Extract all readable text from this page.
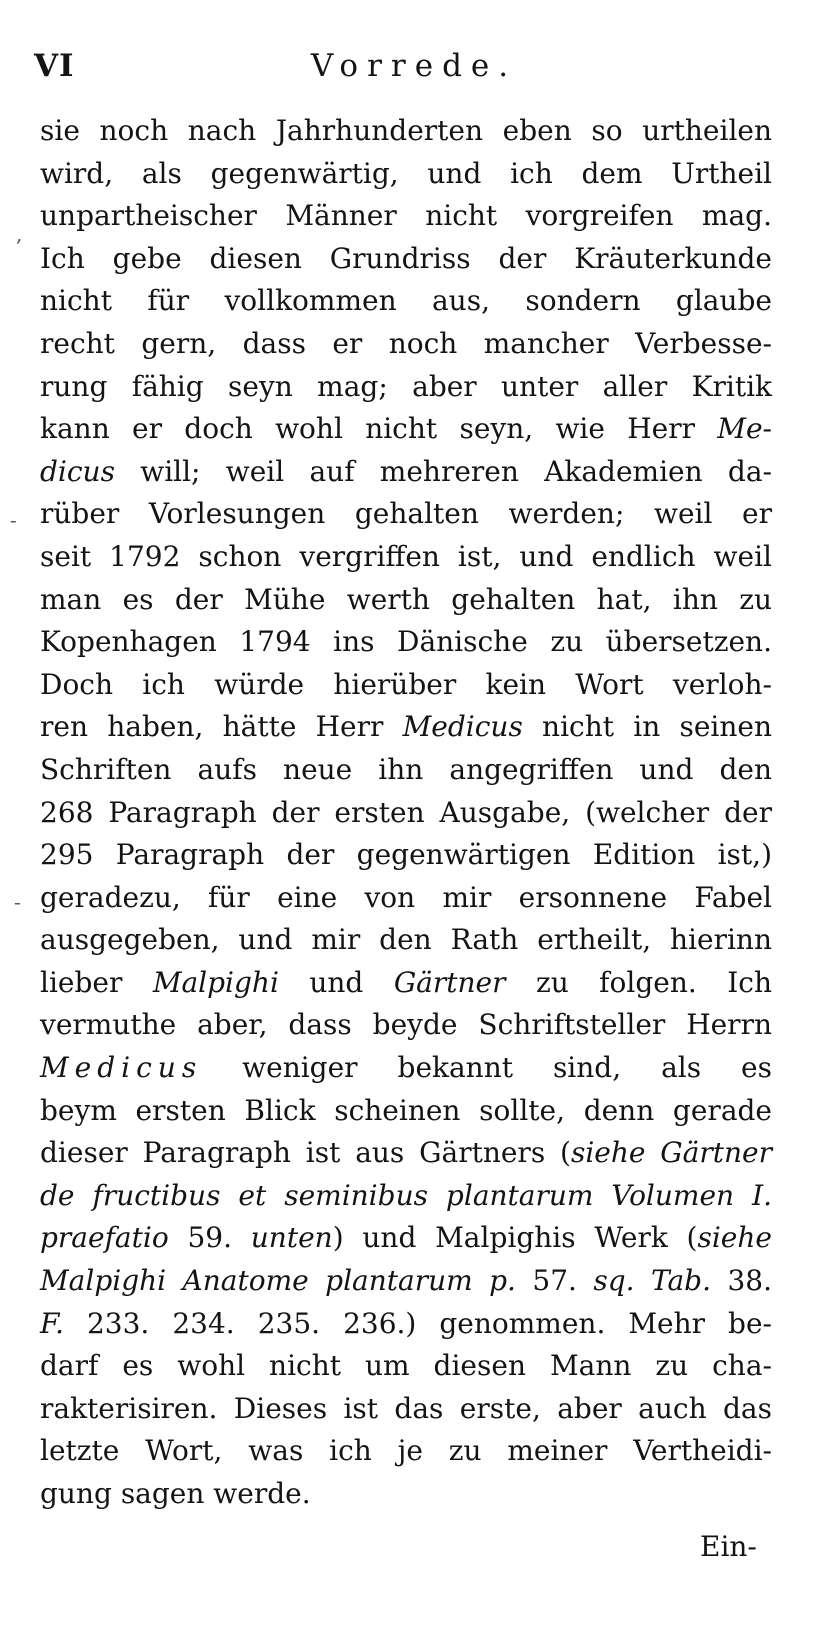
VI	Vorrede.
sie noch nach Jahrhunderten eben so urtheilen
wird, als gegenwärtig, und ich dem Urtheil
unpartheischer Männer nicht vorgreifen mag.
Ich gebe diesen Grundriss der Kräuterkunde
nicht für vollkommen aus, sondern glaube
recht gern, dass er noch mancher Verbesse-
rung fähig seyn mag; aber unter aller Kritik
kann er doch wohl nicht seyn, wie Herr Me-
dicus will; weil auf mehreren Akademien da-
rüber Vorlesungen gehalten werden; weil er
seit 1792 schon vergriffen ist, und endlich weil
man es der Mühe werth gehalten hat, ihn zu
Kopenhagen 1794 ins Dänische zu übersetzen.
Doch ich würde hierüber kein Wort verloh-
ren haben, hätte Herr Medicus nicht in seinen
Schriften aufs neue ihn angegriffen und den
268 Paragraph der ersten Ausgabe, (welcher der
295 Paragraph der gegenwärtigen Edition ist,)
geradezu, für eine von mir ersonnene Fabel
ausgegeben, und mir den Rath ertheilt, hierinn
lieber Malpighi und Gärtner zu folgen. Ich
vermuthe aber, dass beyde Schriftsteller Herrn
Medicus weniger bekannt sind, als es
beym ersten Blick scheinen sollte, denn gerade
dieser Paragraph ist aus Gärtners (siehe Gärtner
de fructibus et seminibus plantarum Volumen I.
praefatio 59. unten) und Malpighis Werk (siehe
Malpighi Anatome plantarum p. 57. sq. Tab. 38.
F. 233. 234. 235. 236.) genommen. Mehr be-
darf es wohl nicht um diesen Mann zu cha-
rakterisiren. Dieses ist das erste, aber auch das
letzte Wort, was ich je zu meiner Vertheidi-
gung sagen werde.
Ein-
,
-
-
